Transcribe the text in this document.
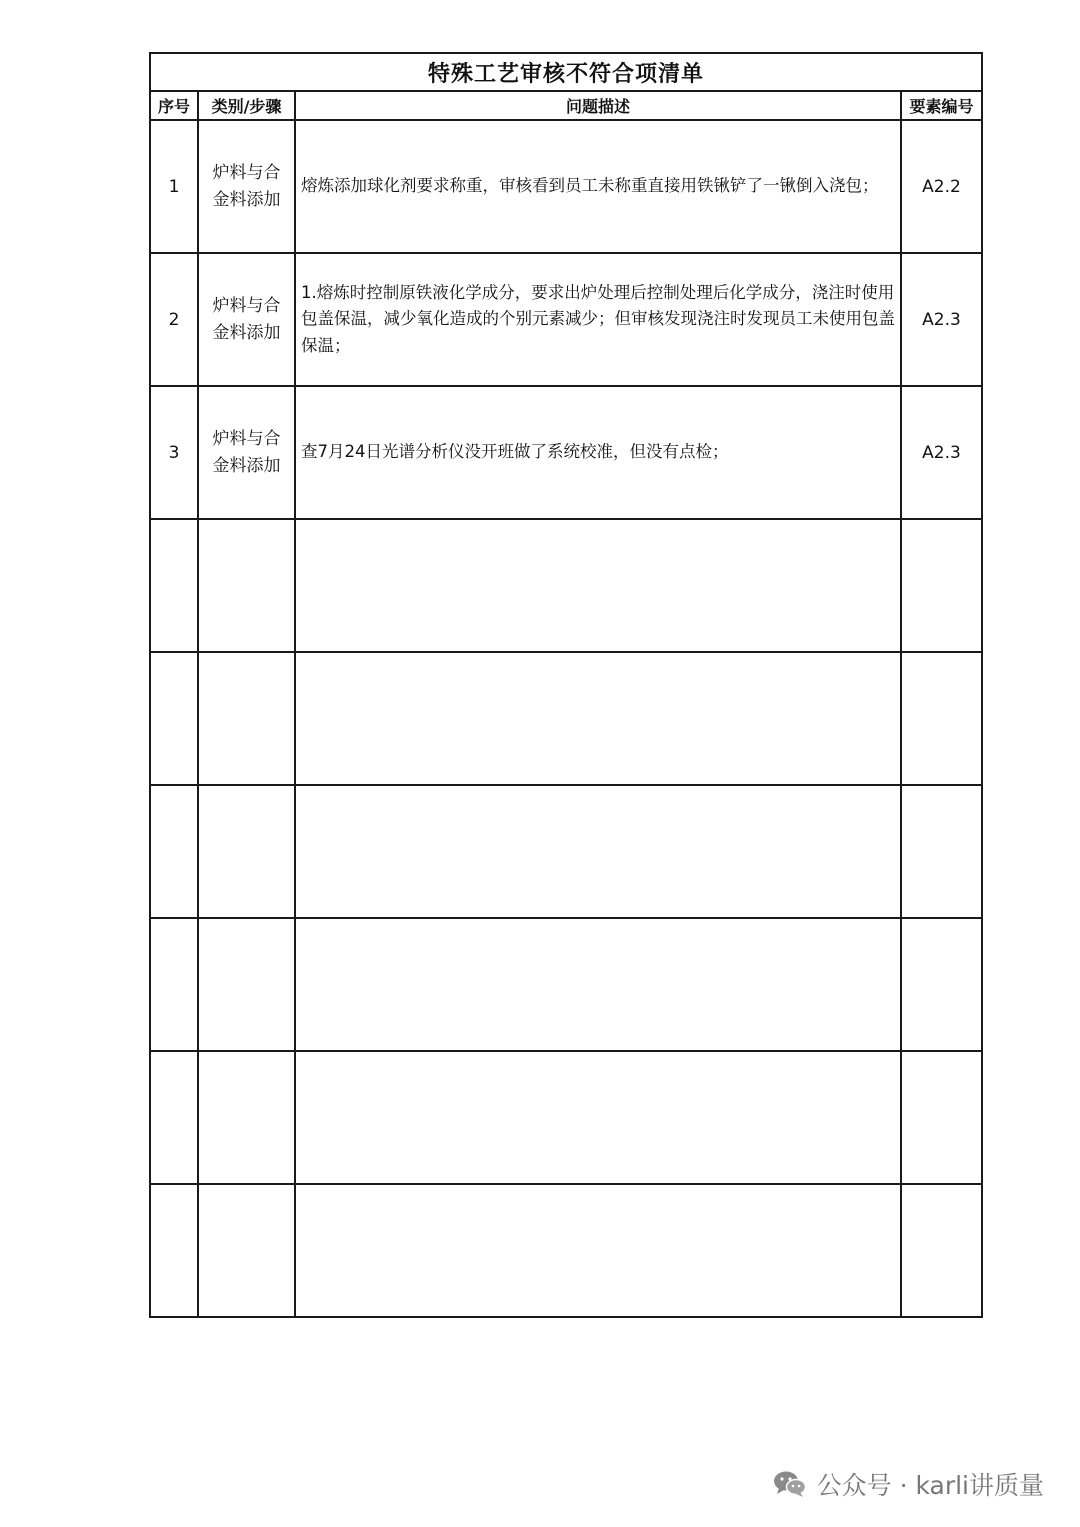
特殊工艺审核不符合项清单			
序号	类别/步骤	问题描述	要素编号
1	炉料与合金料添加	熔炼添加球化剂要求称重，审核看到员工未称重直接用铁锹铲了一锹倒入浇包；	A2.2
2	炉料与合金料添加	1.熔炼时控制原铁液化学成分，要求出炉处理后控制处理后化学成分，浇注时使用包盖保温，减少氧化造成的个别元素减少；但审核发现浇注时发现员工未使用包盖保温；	A2.3
3	炉料与合金料添加	查7月24日光谱分析仪没开班做了系统校准，但没有点检；	A2.3

公众号 · karli讲质量
